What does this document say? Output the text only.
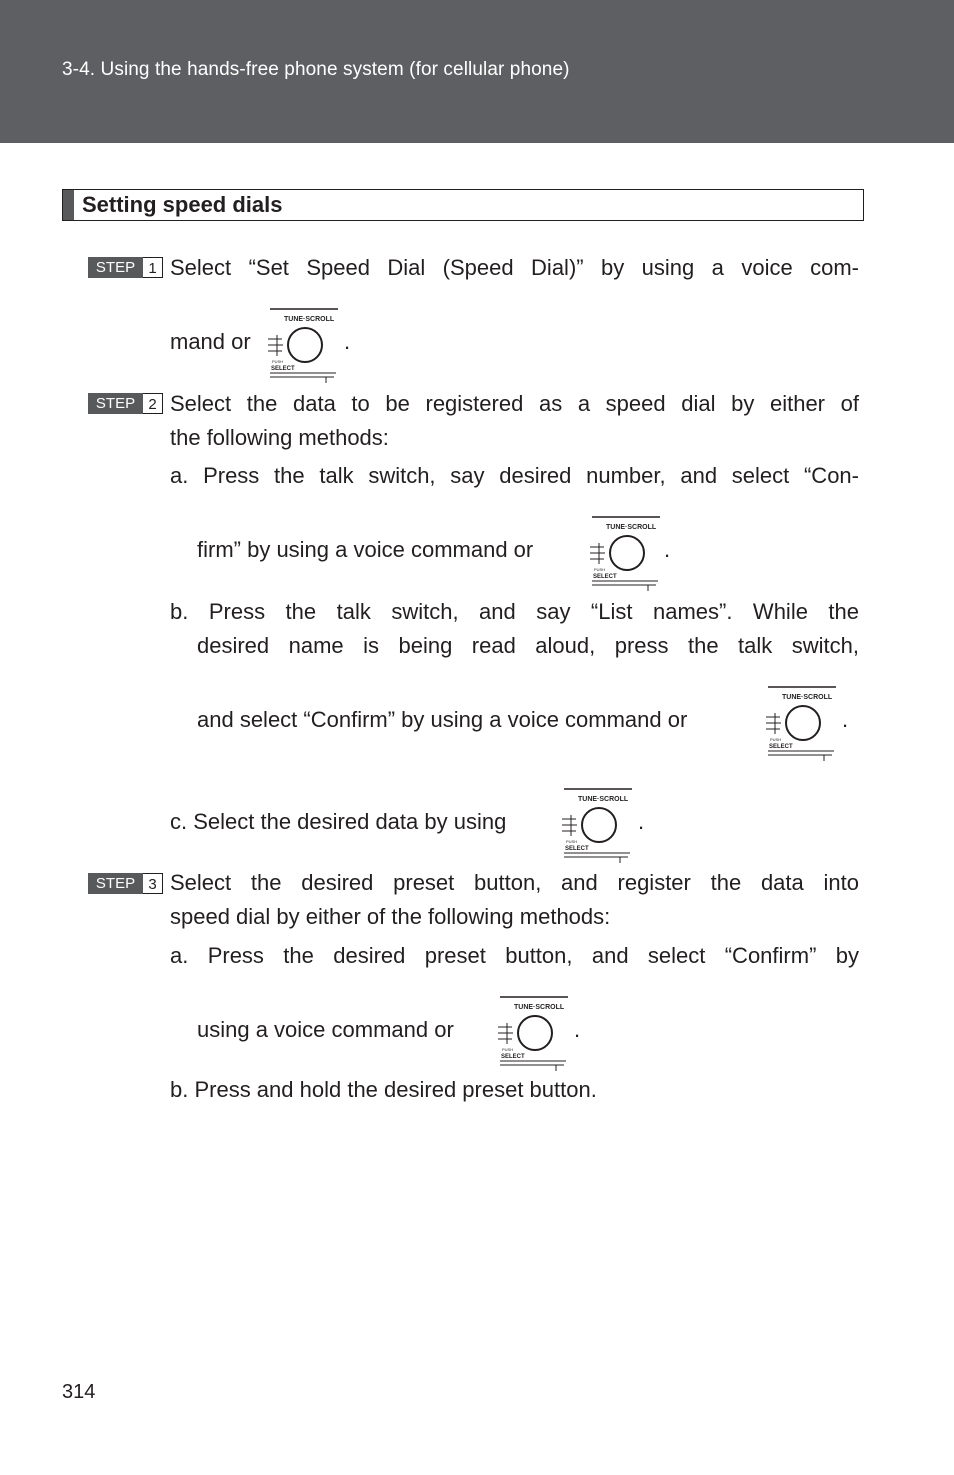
3-4. Using the hands-free phone system (for cellular phone)
Setting speed dials
STEP 1 Select “Set Speed Dial (Speed Dial)” by using a voice com-
mand or
TUNE·SCROLL
PUSH
SELECT
.
STEP 2 Select the data to be registered as a speed dial by either of
the following methods:
a. Press the talk switch, say desired number, and select “Con-
firm” by using a voice command or
TUNE·SCROLL
PUSH
SELECT
.
b. Press the talk switch, and say “List names”. While the
desired name is being read aloud, press the talk switch,
and select “Confirm” by using a voice command or
TUNE·SCROLL
PUSH
SELECT
.
c. Select the desired data by using
TUNE·SCROLL
PUSH
SELECT
.
STEP 3 Select the desired preset button, and register the data into
speed dial by either of the following methods:
a. Press the desired preset button, and select “Confirm” by
using a voice command or
TUNE·SCROLL
PUSH
SELECT
.
b. Press and hold the desired preset button.
314
